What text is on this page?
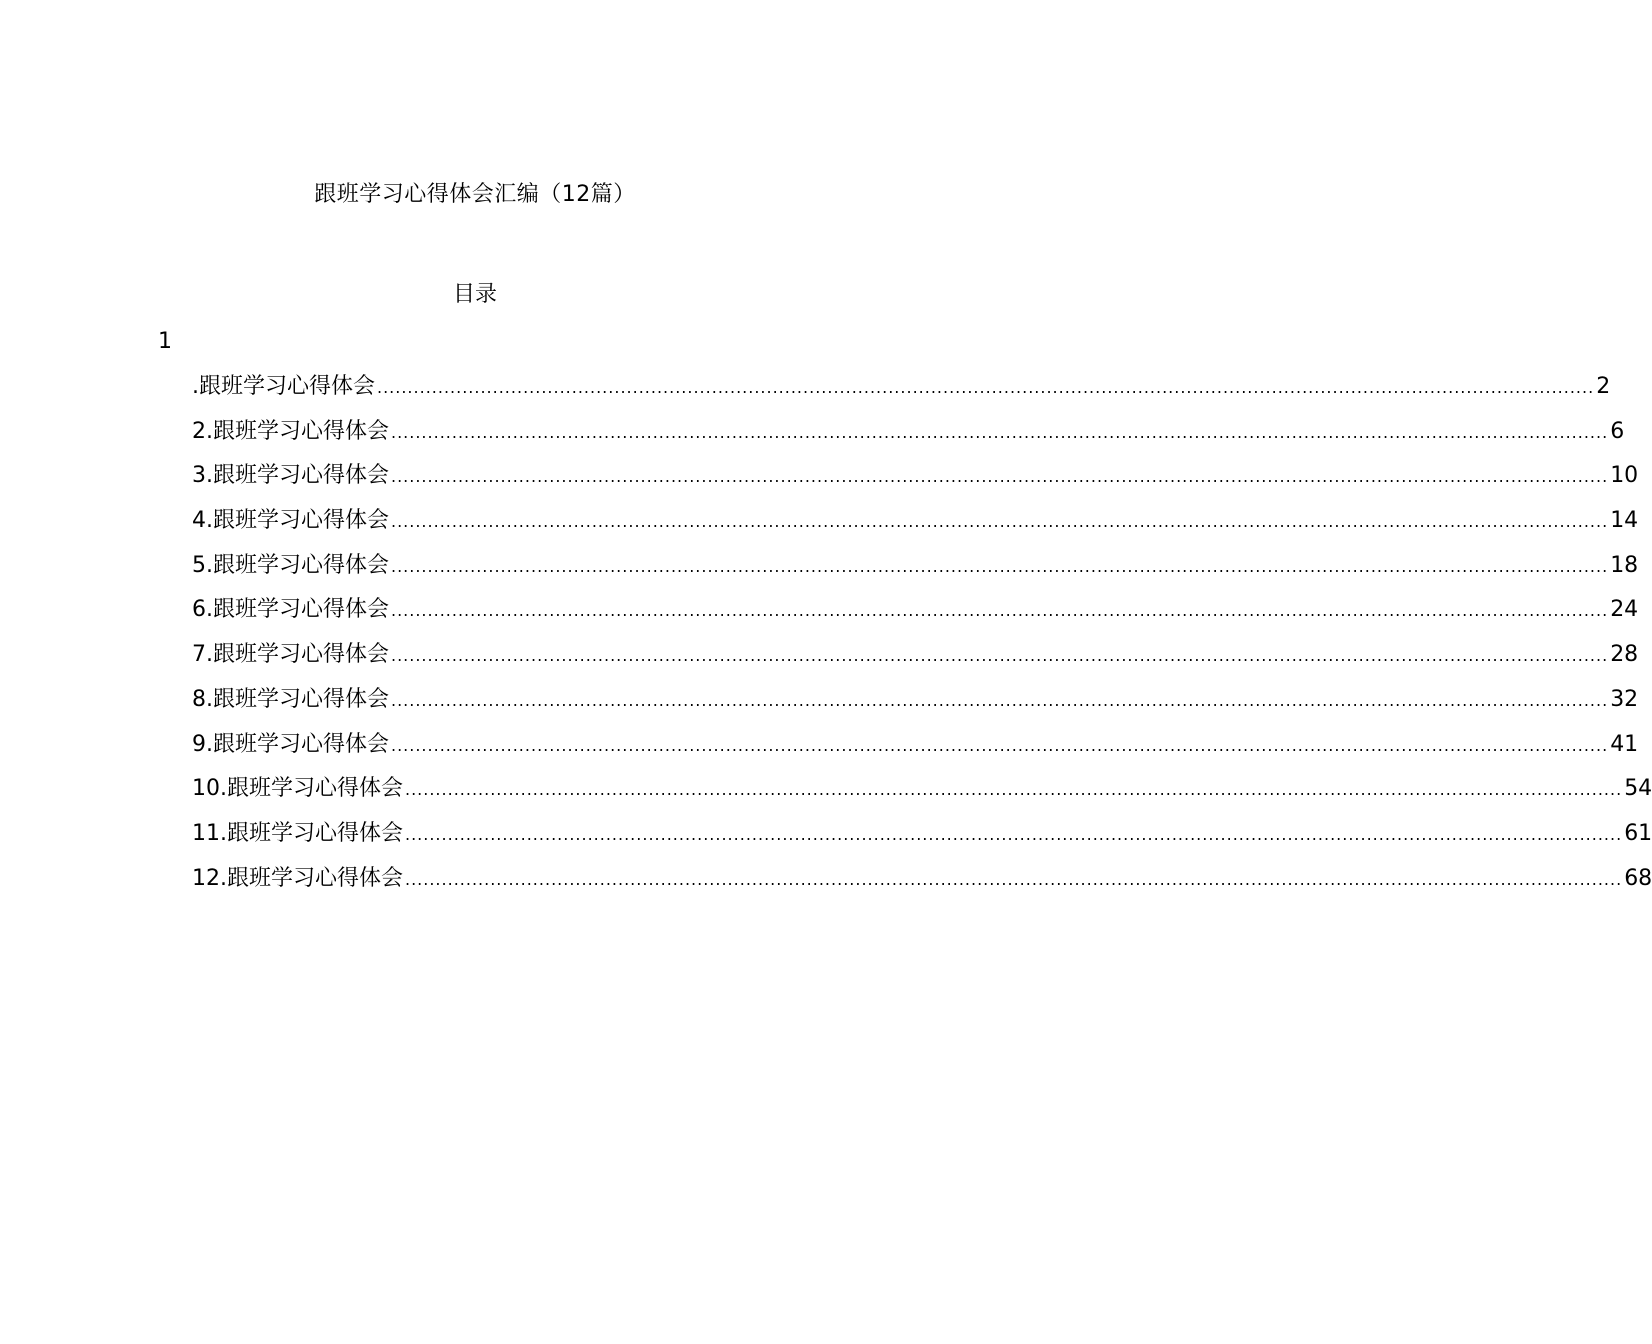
跟班学习心得体会汇编（12篇）
目录
1
.跟班学习心得体会 ........................................................................................................................................................................................................ 2
2.跟班学习心得体会 ........................................................................................................................................................................................................ 6
3.跟班学习心得体会 ........................................................................................................................................................................................................ 10
4.跟班学习心得体会 ........................................................................................................................................................................................................ 14
5.跟班学习心得体会 ........................................................................................................................................................................................................ 18
6.跟班学习心得体会 ........................................................................................................................................................................................................ 24
7.跟班学习心得体会 ........................................................................................................................................................................................................ 28
8.跟班学习心得体会 ........................................................................................................................................................................................................ 32
9.跟班学习心得体会 ........................................................................................................................................................................................................ 41
10.跟班学习心得体会 ........................................................................................................................................................................................................ 54
11.跟班学习心得体会 ........................................................................................................................................................................................................ 61
12.跟班学习心得体会 ........................................................................................................................................................................................................ 68
